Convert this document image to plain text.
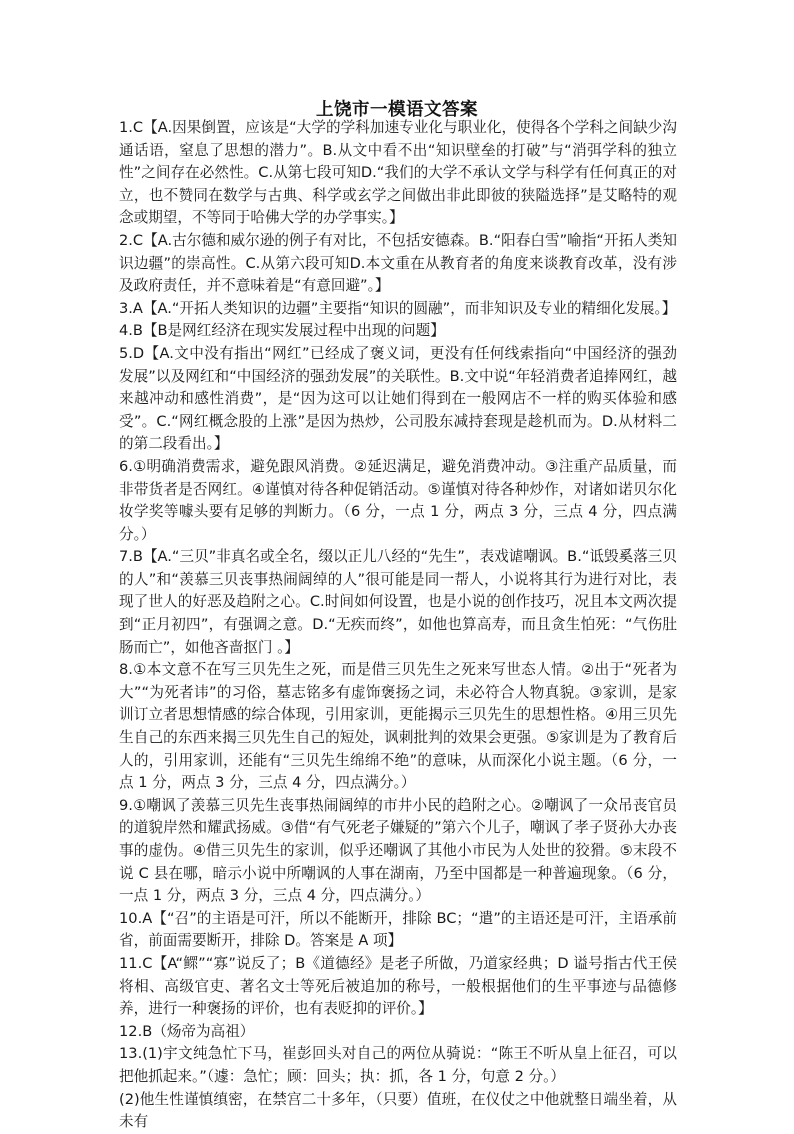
上饶市一模语文答案

1.C【A.因果倒置，应该是“大学的学科加速专业化与职业化，使得各个学科之间缺少沟通话语，窒息了思想的潜力”。B.从文中看不出“知识壁垒的打破”与“消弭学科的独立性”之间存在必然性。C.从第七段可知D.“我们的大学不承认文学与科学有任何真正的对立，也不赞同在数学与古典、科学或玄学之间做出非此即彼的狭隘选择”是艾略特的观念或期望，不等同于哈佛大学的办学事实。】

2.C【A.古尔德和威尔逊的例子有对比，不包括安德森。B.“阳春白雪”喻指“开拓人类知识边疆”的崇高性。C.从第六段可知D.本文重在从教育者的角度来谈教育改革，没有涉及政府责任，并不意味着是“有意回避”。】

3.A【A.“开拓人类知识的边疆”主要指“知识的圆融”，而非知识及专业的精细化发展。】

4.B【B是网红经济在现实发展过程中出现的问题】

5.D【A.文中没有指出“网红”已经成了褒义词，更没有任何线索指向“中国经济的强劲发展”以及网红和“中国经济的强劲发展”的关联性。B.文中说“年轻消费者追捧网红，越来越冲动和感性消费”，是“因为这可以让她们得到在一般网店不一样的购买体验和感受”。C.“网红概念股的上涨”是因为热炒，公司股东减持套现是趁机而为。D.从材料二的第二段看出。】

6.①明确消费需求，避免跟风消费。②延迟满足，避免消费冲动。③注重产品质量，而非带货者是否网红。④谨慎对待各种促销活动。⑤谨慎对待各种炒作，对诸如诺贝尔化妆学奖等噱头要有足够的判断力。（6 分，一点 1 分，两点 3 分，三点 4 分，四点满分。）

7.B【A.“三贝”非真名或全名，缀以正儿八经的“先生”，表戏谑嘲讽。B.“诋毁奚落三贝的人”和“羡慕三贝丧事热闹阔绰的人”很可能是同一帮人，小说将其行为进行对比，表现了世人的好恶及趋附之心。C.时间如何设置，也是小说的创作技巧，况且本文两次提到“正月初四”，有强调之意。D.“无疾而终”，如他也算高寿，而且贪生怕死：“气伤肚肠而亡”，如他吝啬抠门 。】

8.①本文意不在写三贝先生之死，而是借三贝先生之死来写世态人情。②出于“死者为大”“为死者讳”的习俗，墓志铭多有虚饰褒扬之词，未必符合人物真貌。③家训，是家训订立者思想情感的综合体现，引用家训，更能揭示三贝先生的思想性格。④用三贝先生自己的东西来揭三贝先生自己的短处，讽刺批判的效果会更强。⑤家训是为了教育后人的，引用家训，还能有“三贝先生绵绵不绝”的意味，从而深化小说主题。（6 分，一点 1 分，两点 3 分，三点 4 分，四点满分。）

9.①嘲讽了羡慕三贝先生丧事热闹阔绰的市井小民的趋附之心。②嘲讽了一众吊丧官员的道貌岸然和耀武扬威。③借“有气死老子嫌疑的”第六个儿子，嘲讽了孝子贤孙大办丧事的虚伪。④借三贝先生的家训，似乎还嘲讽了其他小市民为人处世的狡猾。⑤末段不说 C 县在哪，暗示小说中所嘲讽的人事在湖南，乃至中国都是一种普遍现象。（6 分，一点 1 分，两点 3 分，三点 4 分，四点满分。）

10.A【“召”的主语是可汗，所以不能断开，排除 BC；“遣”的主语还是可汗，主语承前省，前面需要断开，排除 D。答案是 A 项】

11.C【A“鳏”“寡”说反了；B《道德经》是老子所做，乃道家经典；D 谥号指古代王侯将相、高级官吏、著名文士等死后被追加的称号，一般根据他们的生平事迹与品德修养，进行一种褒扬的评价，也有表贬抑的评价。】

12.B（炀帝为高祖）

13.(1)宇文纯急忙下马，崔彭回头对自己的两位从骑说：“陈王不听从皇上征召，可以把他抓起来。”（遽：急忙；顾：回头；执：抓，各 1 分，句意 2 分。）

(2)他生性谨慎缜密，在禁宫二十多年，（只要）值班，在仪仗之中他就整日端坐着，从未有
